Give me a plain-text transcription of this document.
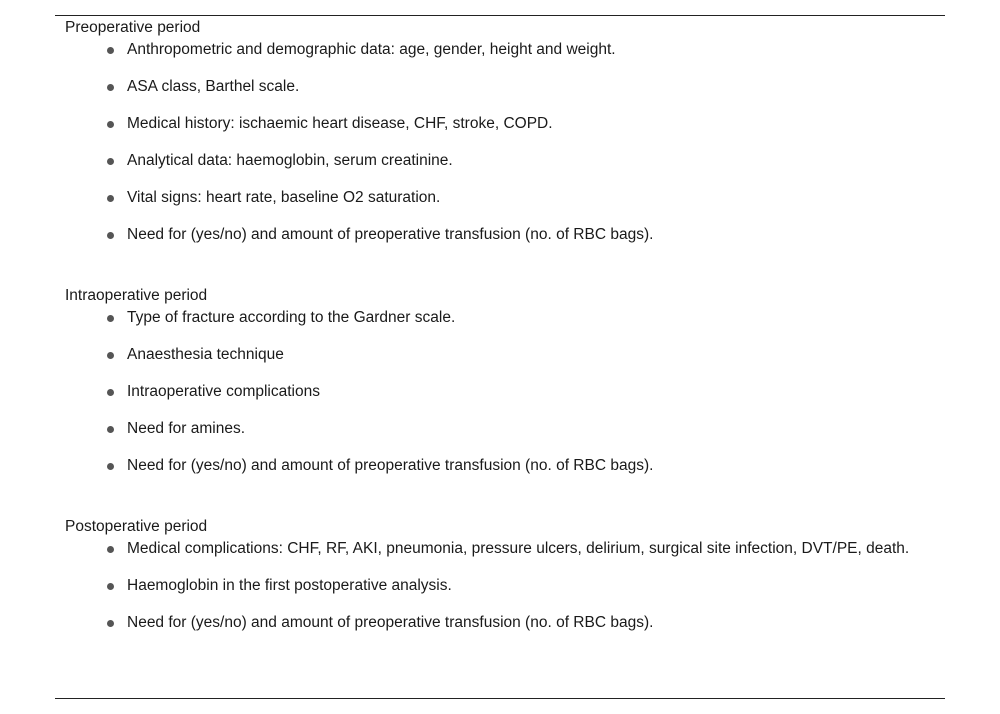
Preoperative period
Anthropometric and demographic data: age, gender, height and weight.
ASA class, Barthel scale.
Medical history: ischaemic heart disease, CHF, stroke, COPD.
Analytical data: haemoglobin, serum creatinine.
Vital signs: heart rate, baseline O2 saturation.
Need for (yes/no) and amount of preoperative transfusion (no. of RBC bags).
Intraoperative period
Type of fracture according to the Gardner scale.
Anaesthesia technique
Intraoperative complications
Need for amines.
Need for (yes/no) and amount of preoperative transfusion (no. of RBC bags).
Postoperative period
Medical complications: CHF, RF, AKI, pneumonia, pressure ulcers, delirium, surgical site infection, DVT/PE, death.
Haemoglobin in the first postoperative analysis.
Need for (yes/no) and amount of preoperative transfusion (no. of RBC bags).
